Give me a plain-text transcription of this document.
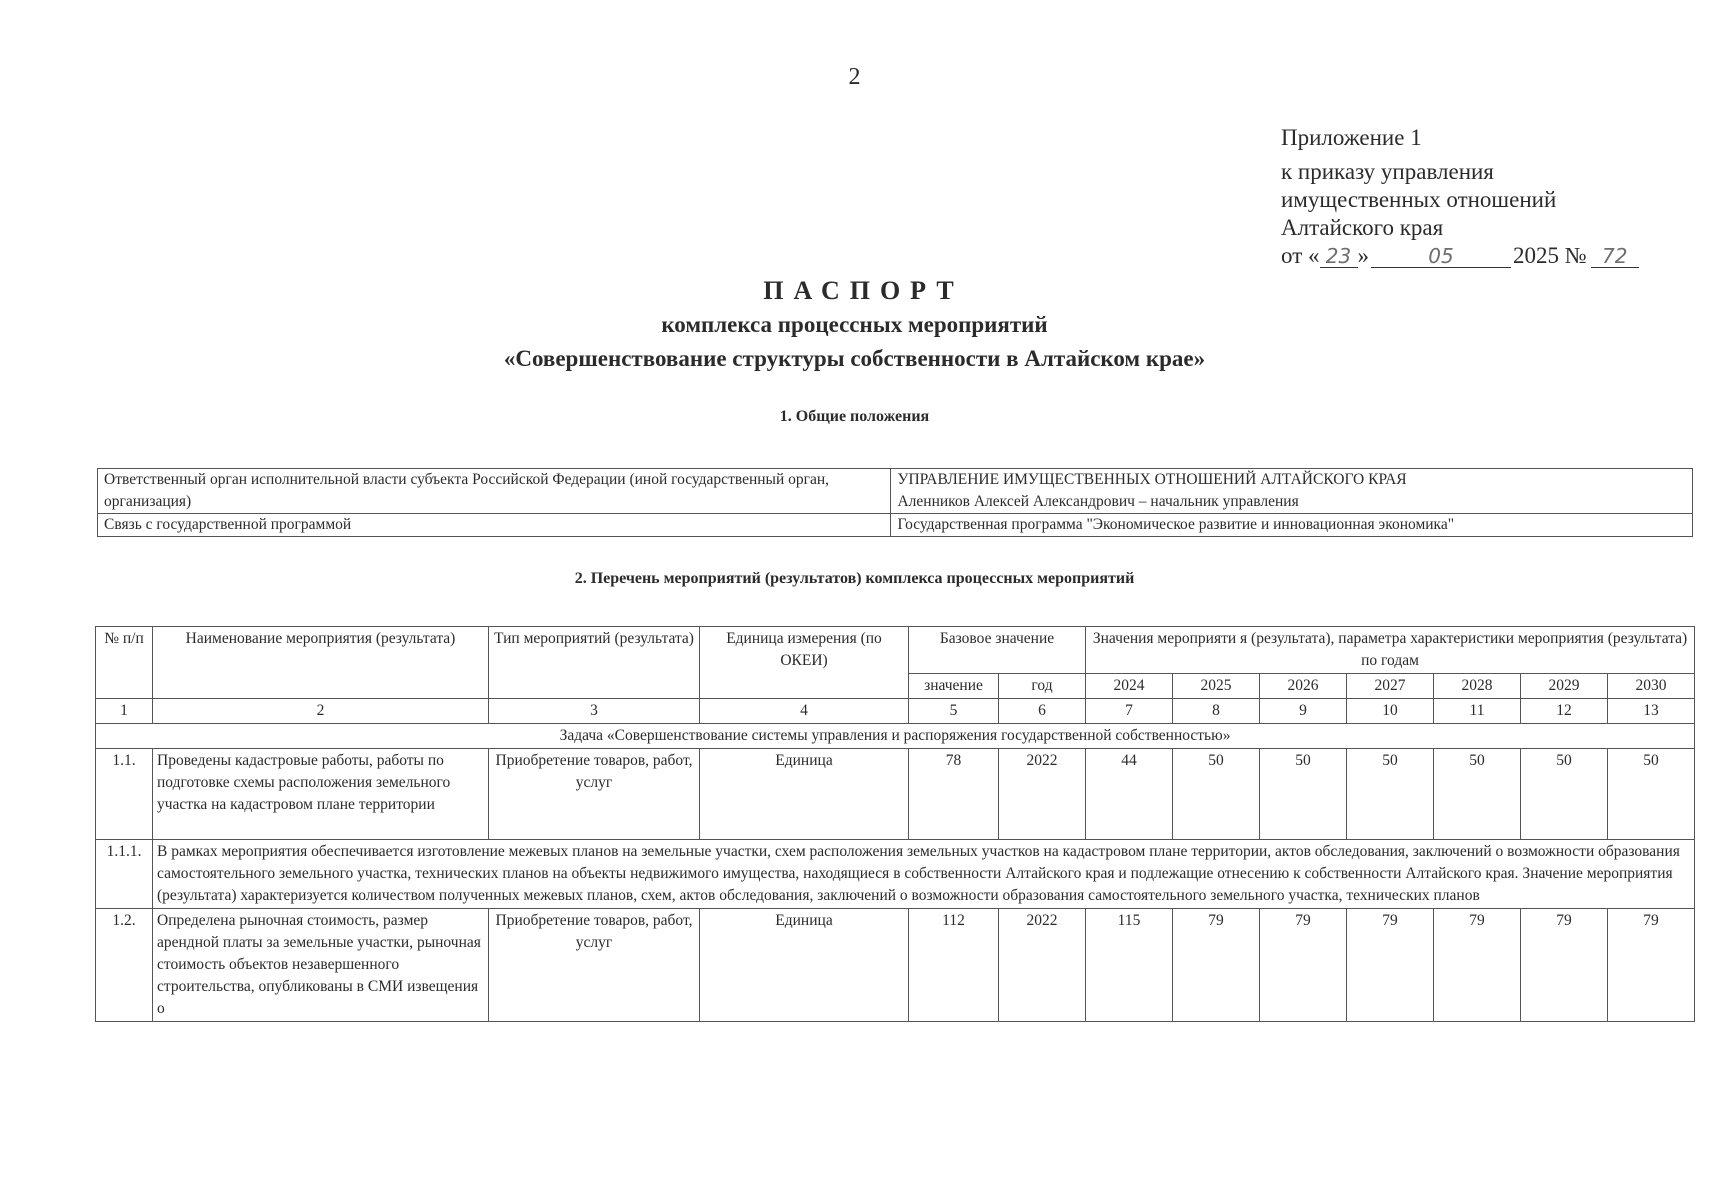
2
Приложение 1
к приказу управления
имущественных отношений
Алтайского края
от « 23 »	05	2025 № 72
ПАСПОРТ
комплекса процессных мероприятий
«Совершенствование структуры собственности в Алтайском крае»
1. Общие положения
Ответственный орган исполнительной власти субъекта Российской Федерации (иной государственный орган, организация)	УПРАВЛЕНИЕ ИМУЩЕСТВЕННЫХ ОТНОШЕНИЙ АЛТАЙСКОГО КРАЯ
Аленников Алексей Александрович – начальник управления

Связь с государственной программой	Государственная программа "Экономическое развитие и инновационная экономика"
2. Перечень мероприятий (результатов) комплекса процессных мероприятий
№ п/п	Наименование мероприятия (результата)	Тип мероприятий (результата)	Единица измерения (по ОКЕИ)	Базовое значение		Значения мероприяти я (результата), параметра характеристики мероприятия (результата) по годам						
				значение	год	2024	2025	2026	2027	2028	2029	2030
1	2	3	4	5	6	7	8	9	10	11	12	13
Задача «Совершенствование системы управления и распоряжения государственной собственностью»												
1.1.	Проведены кадастровые работы, работы по подготовке схемы расположения земельного участка на кадастровом плане территории	Приобретение товаров, работ, услуг	Единица	78	2022	44	50	50	50	50	50	50
1.1.1.	В рамках мероприятия обеспечивается изготовление межевых планов на земельные участки, схем расположения земельных участков на кадастровом плане территории, актов обследования, заключений о возможности образования самостоятельного земельного участка, технических планов на объекты недвижимого имущества, находящиеся в собственности Алтайского края и подлежащие отнесению к собственности Алтайского края. Значение мероприятия (результата) характеризуется количеством полученных межевых планов, схем, актов обследования, заключений о возможности образования самостоятельного земельного участка, технических планов											
1.2.	Определена рыночная стоимость, размер арендной платы за земельные участки, рыночная стоимость объектов незавершенного строительства, опубликованы в СМИ извещения о	Приобретение товаров, работ, услуг	Единица	112	2022	115	79	79	79	79	79	79
